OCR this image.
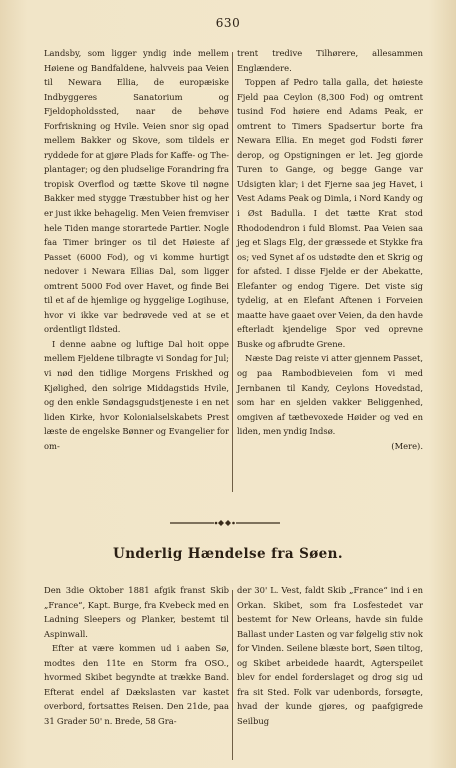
630

Landsby, som ligger yndig inde mellem Høiene og Bandfaldene, halvveis paa Veien til Newara Ellia, de europæiske Indbyggeres Sanatorium og Fjeldopholdssted, naar de behøve Forfriskning og Hvile. Veien snor sig opad mellem Bakker og Skove, som tildels er ryddede for at gjøre Plads for Kaffe- og The-plantager; og den pludselige Forandring fra tropisk Overflod og tætte Skove til nøgne Bakker med stygge Træstubber hist og her er just ikke behagelig. Men Veien fremviser hele Tiden mange storartede Partier. Nogle faa Timer bringer os til det Høieste af Passet (6000 Fod), og vi komme hurtigt nedover i Newara Ellias Dal, som ligger omtrent 5000 Fod over Havet, og finde Bei til et af de hjemlige og hyggelige Logihuse, hvor vi ikke var bedrøvede ved at se et ordentligt Ildsted.

I denne aabne og luftige Dal hoit oppe mellem Fjeldene tilbragte vi Sondag for Jul; vi nød den tidlige Morgens Friskhed og Kjølighed, den solrige Middagstids Hvile, og den enkle Søndagsgudstjeneste i en net liden Kirke, hvor Kolonialselskabets Prest læste de engelske Bønner og Evangelier for om-

trent tredive Tilhørere, allesammen Englændere.

Toppen af Pedro talla galla, det høieste Fjeld paa Ceylon (8,300 Fod) og omtrent tusind Fod høiere end Adams Peak, er omtrent to Timers Spadsertur borte fra Newara Ellia. En meget god Fodsti fører derop, og Opstigningen er let. Jeg gjorde Turen to Gange, og begge Gange var Udsigten klar; i det Fjerne saa jeg Havet, i Vest Adams Peak og Dimla, i Nord Kandy og i Øst Badulla. I det tætte Krat stod Rhododendron i fuld Blomst. Paa Veien saa jeg et Slags Elg, der græssede et Stykke fra os; ved Synet af os udstødte den et Skrig og for afsted. I disse Fjelde er der Abekatte, Elefanter og endog Tigere. Det viste sig tydelig, at en Elefant Aftenen i Forveien maatte have gaaet over Veien, da den havde efterladt kjendelige Spor ved oprevne Buske og afbrudte Grene.

Næste Dag reiste vi atter gjennem Passet, og paa Rambodbieveien fom vi med Jernbanen til Kandy, Ceylons Hovedstad, som har en sjelden vakker Beliggenhed, omgiven af tætbevoxede Høider og ved en liden, men yndig Indsø.

(Mere).
Underlig Hændelse fra Søen.

Den 3die Oktober 1881 afgik franst Skib „France“, Kapt. Burge, fra Kvebeck med en Ladning Sleepers og Planker, bestemt til Aspinwall.

Efter at være kommen ud i aaben Sø, modtes den 11te en Storm fra OSO., hvormed Skibet begyndte at trække Band. Efterat endel af Dækslasten var kastet overbord, fortsattes Reisen. Den 21de, paa 31 Grader 50' n. Brede, 58 Gra-

der 30' L. Vest, faldt Skib „France“ ind i en Orkan. Skibet, som fra Losfestedet var bestemt for New Orleans, havde sin fulde Ballast under Lasten og var følgelig stiv nok for Vinden. Seilene blæste bort, Søen tiltog, og Skibet arbeidede haardt, Agterspeilet blev for endel forderslaget og drog sig ud fra sit Sted. Folk var udenbords, forsøgte, hvad der kunde gjøres, og paafgigrede Seilbug
